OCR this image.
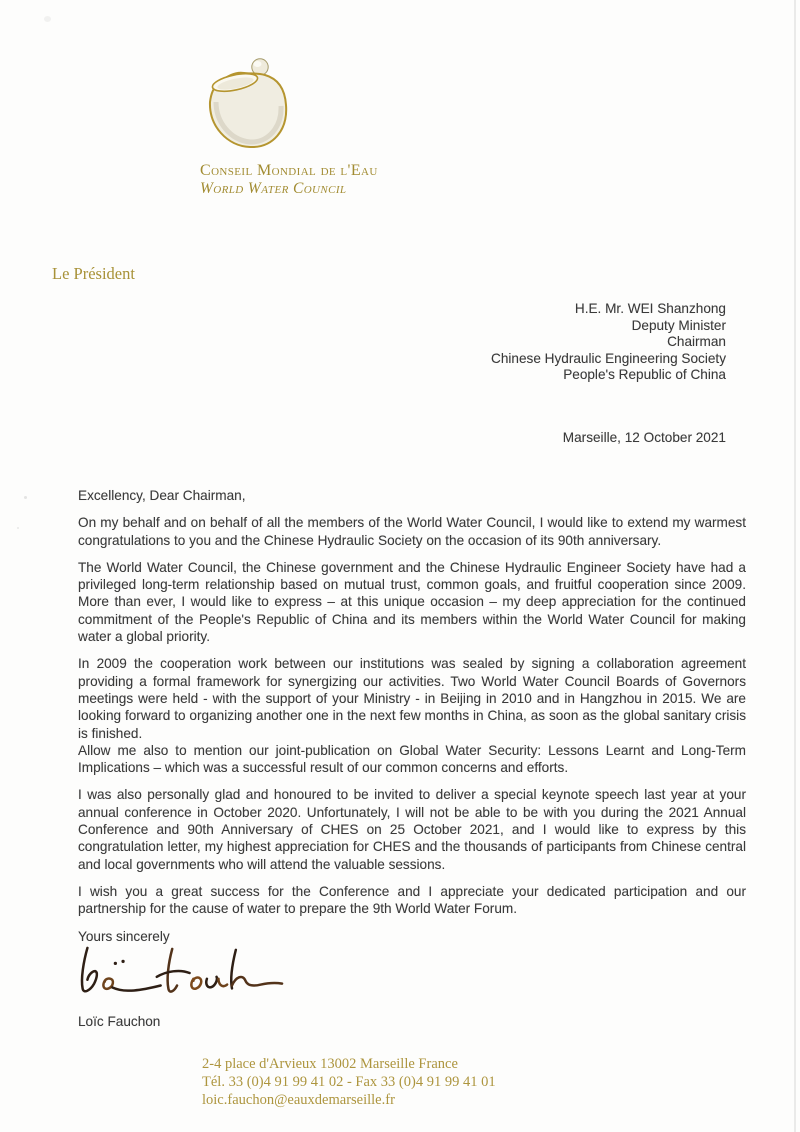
Conseil Mondial de l'Eau
World Water Council
Le Président
H.E. Mr. WEI Shanzhong
Deputy Minister
Chairman
Chinese Hydraulic Engineering Society
People's Republic of China
Marseille, 12 October 2021

Excellency, Dear Chairman,

On my behalf and on behalf of all the members of the World Water Council, I would like to extend my warmest congratulations to you and the Chinese Hydraulic Society on the occasion of its 90th anniversary.

The World Water Council, the Chinese government and the Chinese Hydraulic Engineer Society have had a privileged long-term relationship based on mutual trust, common goals, and fruitful cooperation since 2009. More than ever, I would like to express – at this unique occasion – my deep appreciation for the continued commitment of the People's Republic of China and its members within the World Water Council for making water a global priority.

In 2009 the cooperation work between our institutions was sealed by signing a collaboration agreement providing a formal framework for synergizing our activities. Two World Water Council Boards of Governors meetings were held - with the support of your Ministry - in Beijing in 2010 and in Hangzhou in 2015. We are looking forward to organizing another one in the next few months in China, as soon as the global sanitary crisis is finished.

Allow me also to mention our joint-publication on Global Water Security: Lessons Learnt and Long-Term Implications – which was a successful result of our common concerns and efforts.

I was also personally glad and honoured to be invited to deliver a special keynote speech last year at your annual conference in October 2020. Unfortunately, I will not be able to be with you during the 2021 Annual Conference and 90th Anniversary of CHES on 25 October 2021, and I would like to express by this congratulation letter, my highest appreciation for CHES and the thousands of participants from Chinese central and local governments who will attend the valuable sessions.

I wish you a great success for the Conference and I appreciate your dedicated participation and our partnership for the cause of water to prepare the 9th World Water Forum.

Yours sincerely

Loïc Fauchon
2-4 place d'Arvieux 13002 Marseille France
Tél. 33 (0)4 91 99 41 02 - Fax 33 (0)4 91 99 41 01
loic.fauchon@eauxdemarseille.fr
